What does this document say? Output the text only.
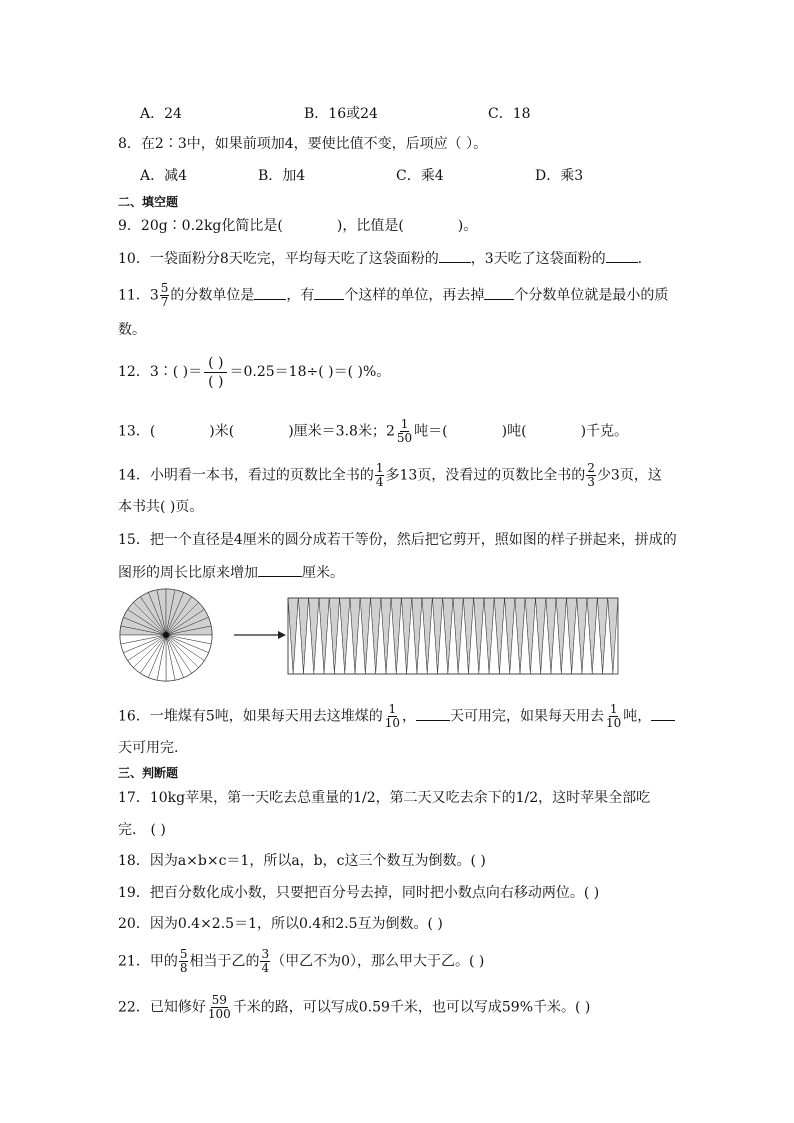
A．24	B．16或24	C．18
8．在2∶3中，如果前项加4，要使比值不变，后项应（ ）。
A．减4	B．加4	C．乘4	D．乘3
二、填空题
9．20g∶0.2kg化简比是(	)，比值是(	)。
10．一袋面粉分8天吃完，平均每天吃了这袋面粉的 ，3天吃了这袋面粉的 .
11．$3 \frac{5}{7}$ 的分数单位是 ，有 个这样的单位，再去掉 个分数单位就是最小的质
数。
12．3∶( )＝ $\frac{( )}{( )} =0.25=18\div$( )＝( )%。
13．(	)米(	)厘米＝3.8米；$2 \frac{1}{50}$ 吨＝(	)吨(	)千克。
14．小明看一本书，看过的页数比全书的 $\frac{1}{4}$ 多13页，没看过的页数比全书的 $\frac{2}{3}$ 少3页，这
本书共( )页。
15．把一个直径是4厘米的圆分成若干等份，然后把它剪开，照如图的样子拼起来，拼成的
图形的周长比原来增加	厘米。
16．一堆煤有5吨，如果每天用去这堆煤的 $\frac{1}{10}$ ， 天可用完，如果每天用去 $\frac{1}{10}$ 吨，
天可用完.
三、判断题
17．10kg苹果，第一天吃去总重量的1/2，第二天又吃去余下的1/2，这时苹果全部吃
完． ( )
18．因为a×b×c＝1，所以a，b，c这三个数互为倒数。( )
19．把百分数化成小数，只要把百分号去掉，同时把小数点向右移动两位。( )
20．因为0.4×2.5＝1，所以0.4和2.5互为倒数。( )
21．甲的 $\frac{5}{8}$ 相当于乙的 $\frac{3}{4}$ （甲乙不为0），那么甲大于乙。( )
22．已知修好 $\frac{59}{100}$ 千米的路，可以写成0.59千米，也可以写成59%千米。( )
